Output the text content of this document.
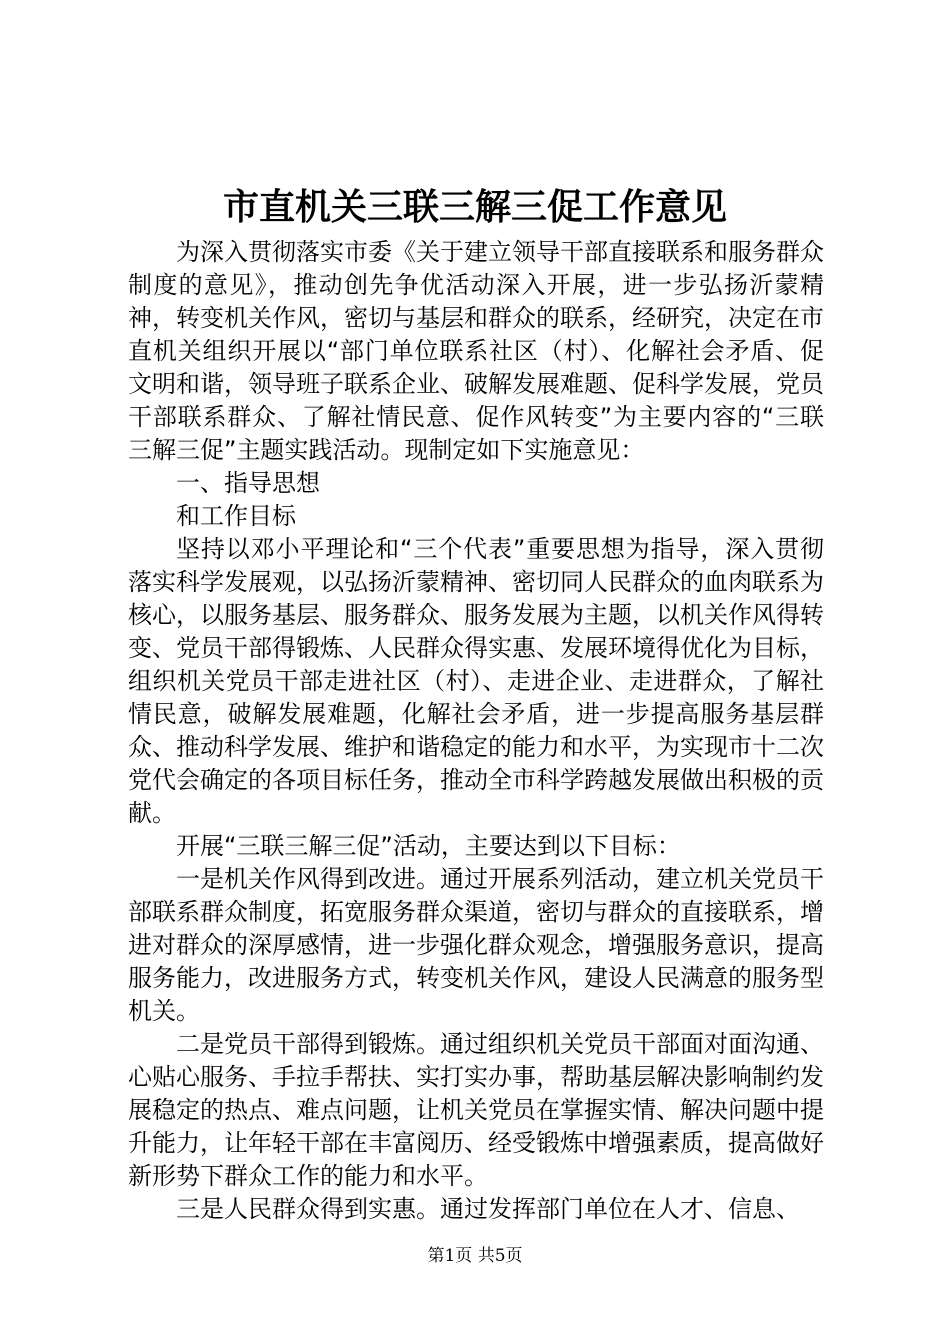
市直机关三联三解三促工作意见

为深入贯彻落实市委《关于建立领导干部直接联系和服务群众制度的意见》，推动创先争优活动深入开展，进一步弘扬沂蒙精神，转变机关作风，密切与基层和群众的联系，经研究，决定在市直机关组织开展以“部门单位联系社区（村）、化解社会矛盾、促文明和谐，领导班子联系企业、破解发展难题、促科学发展，党员干部联系群众、了解社情民意、促作风转变”为主要内容的“三联三解三促”主题实践活动。现制定如下实施意见：

一、指导思想

和工作目标

坚持以邓小平理论和“三个代表”重要思想为指导，深入贯彻落实科学发展观，以弘扬沂蒙精神、密切同人民群众的血肉联系为核心，以服务基层、服务群众、服务发展为主题，以机关作风得转变、党员干部得锻炼、人民群众得实惠、发展环境得优化为目标，组织机关党员干部走进社区（村）、走进企业、走进群众，了解社情民意，破解发展难题，化解社会矛盾，进一步提高服务基层群众、推动科学发展、维护和谐稳定的能力和水平，为实现市十二次党代会确定的各项目标任务，推动全市科学跨越发展做出积极的贡献。

开展“三联三解三促”活动，主要达到以下目标：

一是机关作风得到改进。通过开展系列活动，建立机关党员干部联系群众制度，拓宽服务群众渠道，密切与群众的直接联系，增进对群众的深厚感情，进一步强化群众观念，增强服务意识，提高服务能力，改进服务方式，转变机关作风，建设人民满意的服务型机关。

二是党员干部得到锻炼。通过组织机关党员干部面对面沟通、心贴心服务、手拉手帮扶、实打实办事，帮助基层解决影响制约发展稳定的热点、难点问题，让机关党员在掌握实情、解决问题中提升能力，让年轻干部在丰富阅历、经受锻炼中增强素质，提高做好新形势下群众工作的能力和水平。

三是人民群众得到实惠。通过发挥部门单位在人才、信息、

第1页 共5页
